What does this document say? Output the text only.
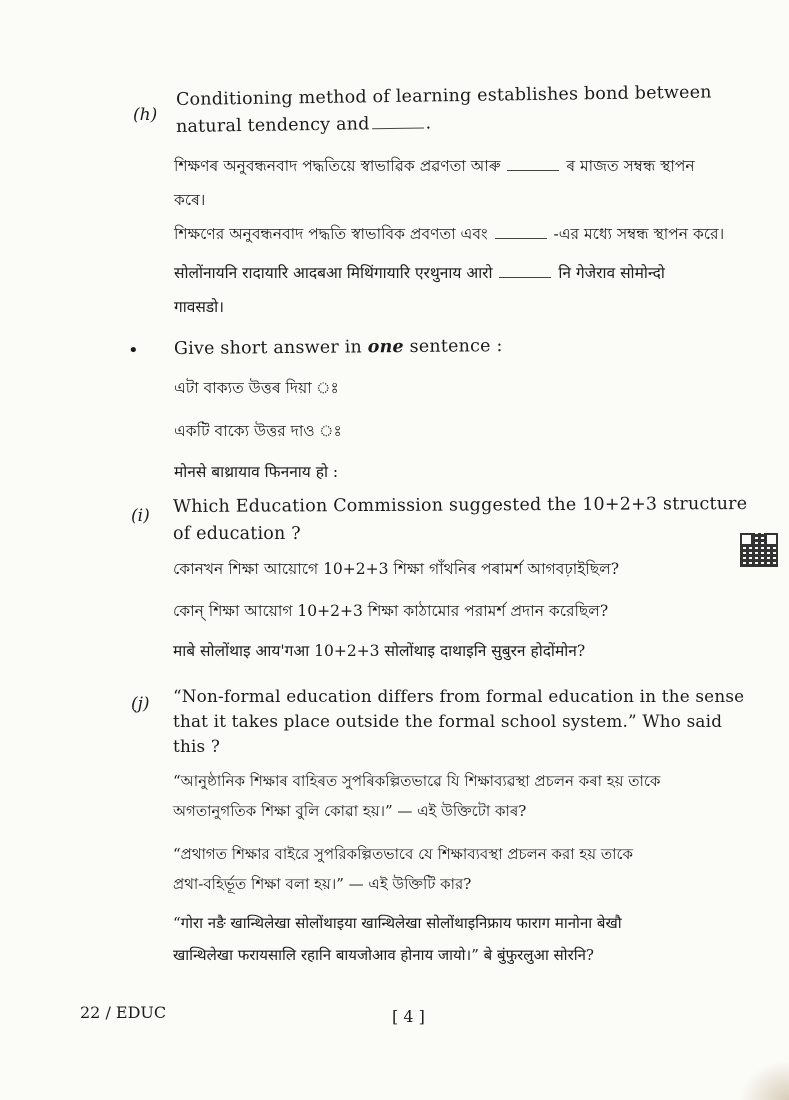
(h)
Conditioning method of learning establishes bond between
natural tendency and	.
শিক্ষণৰ অনুবন্ধনবাদ পদ্ধতিয়ে স্বাভাৱিক প্ৰৱণতা আৰু	ৰ মাজত সম্বন্ধ স্থাপন
কৰে।
শিক্ষণের অনুবন্ধনবাদ পদ্ধতি স্বাভাবিক প্রবণতা এবং	-এর মধ্যে সম্বন্ধ স্থাপন করে।
सोलोंनायनि रादायारि आदबआ मिथिंगायारि एरथुनाय आरो	नि गेजेराव सोमोन्दो
गावसडो।
• Give short answer in one sentence :
এটা বাক্যত উত্তৰ দিয়া ঃ
একটি বাক্যে উত্তর দাও ঃ
मोनसे बाथ्रायाव फिननाय हो :
(i) Which Education Commission suggested the 10+2+3 structure
of education ?
কোনখন শিক্ষা আয়োগে 10+2+3 শিক্ষা গাঁথনিৰ পৰামৰ্শ আগবঢ়াইছিল?
কোন্ শিক্ষা আয়োগ 10+2+3 শিক্ষা কাঠামোর পরামর্শ প্রদান করেছিল?
माबे सोलोंथाइ आय'गआ 10+2+3 सोलोंथाइ दाथाइनि सुबुरन होदोंमोन?
(j) “Non-formal education differs from formal education in the sense
that it takes place outside the formal school system.” Who said
this ?
“আনুষ্ঠানিক শিক্ষাৰ বাহিৰত সুপৰিকল্পিতভাৱে যি শিক্ষাব্যৱস্থা প্ৰচলন কৰা হয় তাকে
অগতানুগতিক শিক্ষা বুলি কোৱা হয়।” — এই উক্তিটো কাৰ?
“প্রথাগত শিক্ষার বাইরে সুপরিকল্পিতভাবে যে শিক্ষাব্যবস্থা প্রচলন করা হয় তাকে
প্রথা-বহির্ভূত শিক্ষা বলা হয়।” — এই উক্তিটি কার?
“गोरा नङै खान्थिलेखा सोलोंथाइया खान्थिलेखा सोलोंथाइनिफ्राय फाराग मानोना बेखौ
खान्थिलेखा फरायसालि रहानि बायजोआव होनाय जायो।” बे बुंफुरलुआ सोरनि?
22 / EDUC	[ 4 ]
